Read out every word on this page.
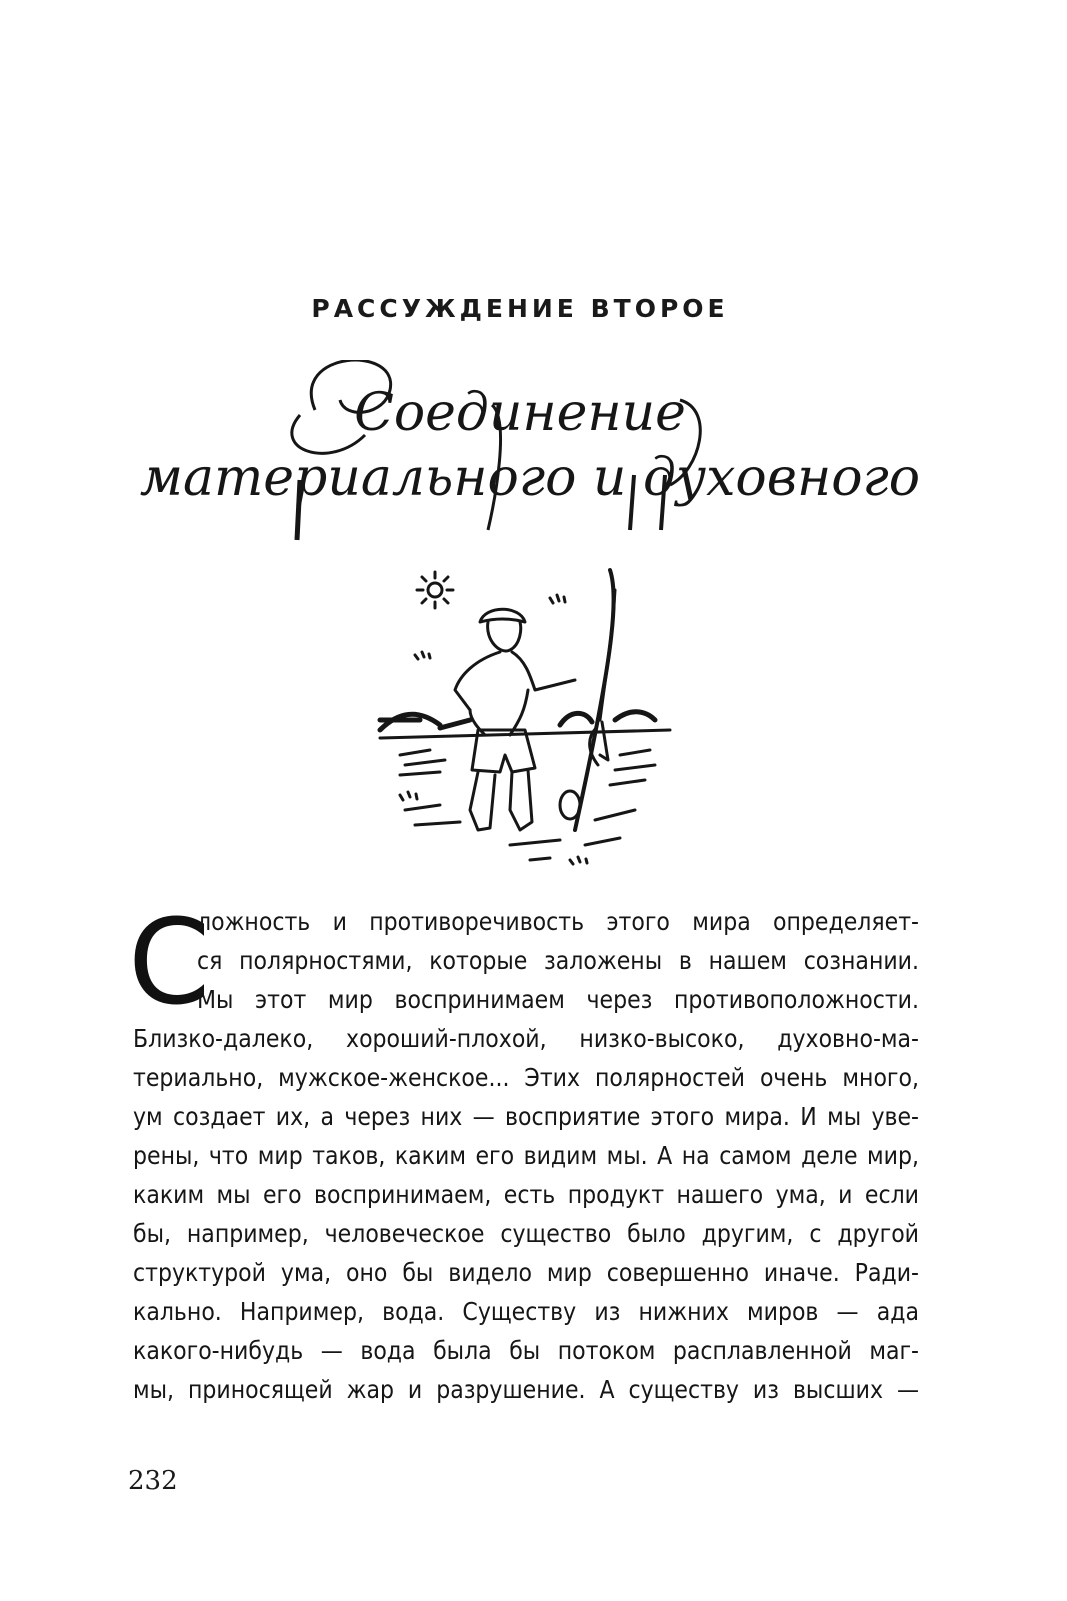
РАССУЖДЕНИЕ ВТОРОЕ
Соединение
материального и духовного
С
ложность и противоречивость этого мира определяет-
ся полярностями, которые заложены в нашем сознании.
Мы этот мир воспринимаем через противоположности.
Близко-далеко, хороший-плохой, низко-высоко, духовно-ма-
териально, мужское-женское... Этих полярностей очень много,
ум создает их, а через них — восприятие этого мира. И мы уве-
рены, что мир таков, каким его видим мы. А на самом деле мир,
каким мы его воспринимаем, есть продукт нашего ума, и если
бы, например, человеческое существо было другим, с другой
структурой ума, оно бы видело мир совершенно иначе. Ради-
кально. Например, вода. Существу из нижних миров — ада
какого-нибудь — вода была бы потоком расплавленной маг-
мы, приносящей жар и разрушение. А существу из высших —
232
